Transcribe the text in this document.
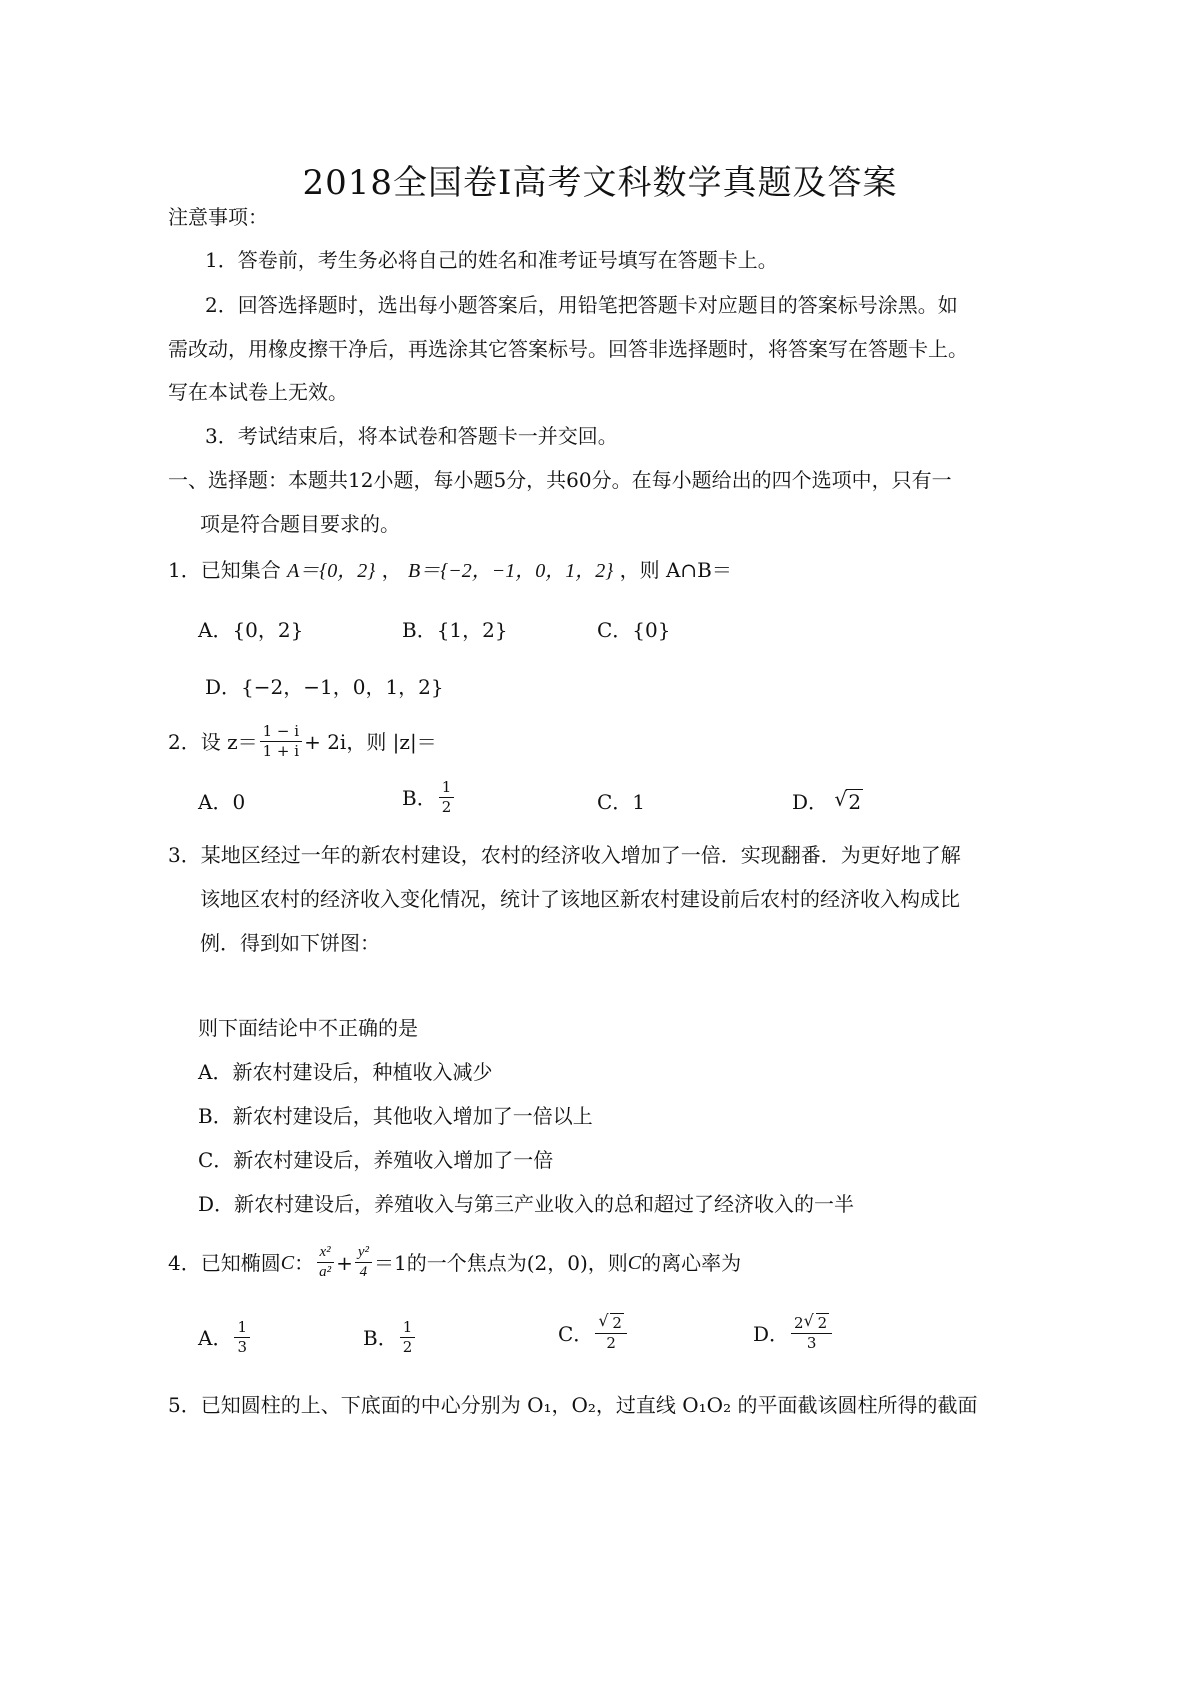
2018全国卷Ⅰ高考文科数学真题及答案
注意事项：
1．答卷前，考生务必将自己的姓名和准考证号填写在答题卡上。
2．回答选择题时，选出每小题答案后，用铅笔把答题卡对应题目的答案标号涂黑。如
需改动，用橡皮擦干净后，再选涂其它答案标号。回答非选择题时，将答案写在答题卡上。
写在本试卷上无效。
3．考试结束后，将本试卷和答题卡一并交回。
一、选择题：本题共12小题，每小题5分，共60分。在每小题给出的四个选项中，只有一
项是符合题目要求的。
1．已知集合 A＝{0，2} ， B＝{−2，−1，0，1，2} ，则 A∩B＝
A．{0，2}	B．{1，2}	C．{0}
D．{−2，−1，0，1，2}
2．设 $z= \frac{1 - i}{1 + i} + 2i$，则 |z|＝
A．0	B． $\frac{1}{2}$	C．1	D． √ 2
3．某地区经过一年的新农村建设，农村的经济收入增加了一倍．实现翻番．为更好地了解
该地区农村的经济收入变化情况，统计了该地区新农村建设前后农村的经济收入构成比
例．得到如下饼图：
则下面结论中不正确的是
A．新农村建设后，种植收入减少
B．新农村建设后，其他收入增加了一倍以上
C．新农村建设后，养殖收入增加了一倍
D．新农村建设后，养殖收入与第三产业收入的总和超过了经济收入的一半
4．已知椭圆 C ： $\frac{\text{x²}}{\text{a²}} + \frac{\text{y²}}{4} =1$的一个焦点为(2，0)，则 C 的离心率为
A． $\frac{1}{3}$	B． $\frac{1}{2}$	C． $\frac{√ 2}{2}$	D． $\frac{2 √ 2}{3}$
5．已知圆柱的上、下底面的中心分别为 O₁，O₂，过直线 O₁O₂ 的平面截该圆柱所得的截面
